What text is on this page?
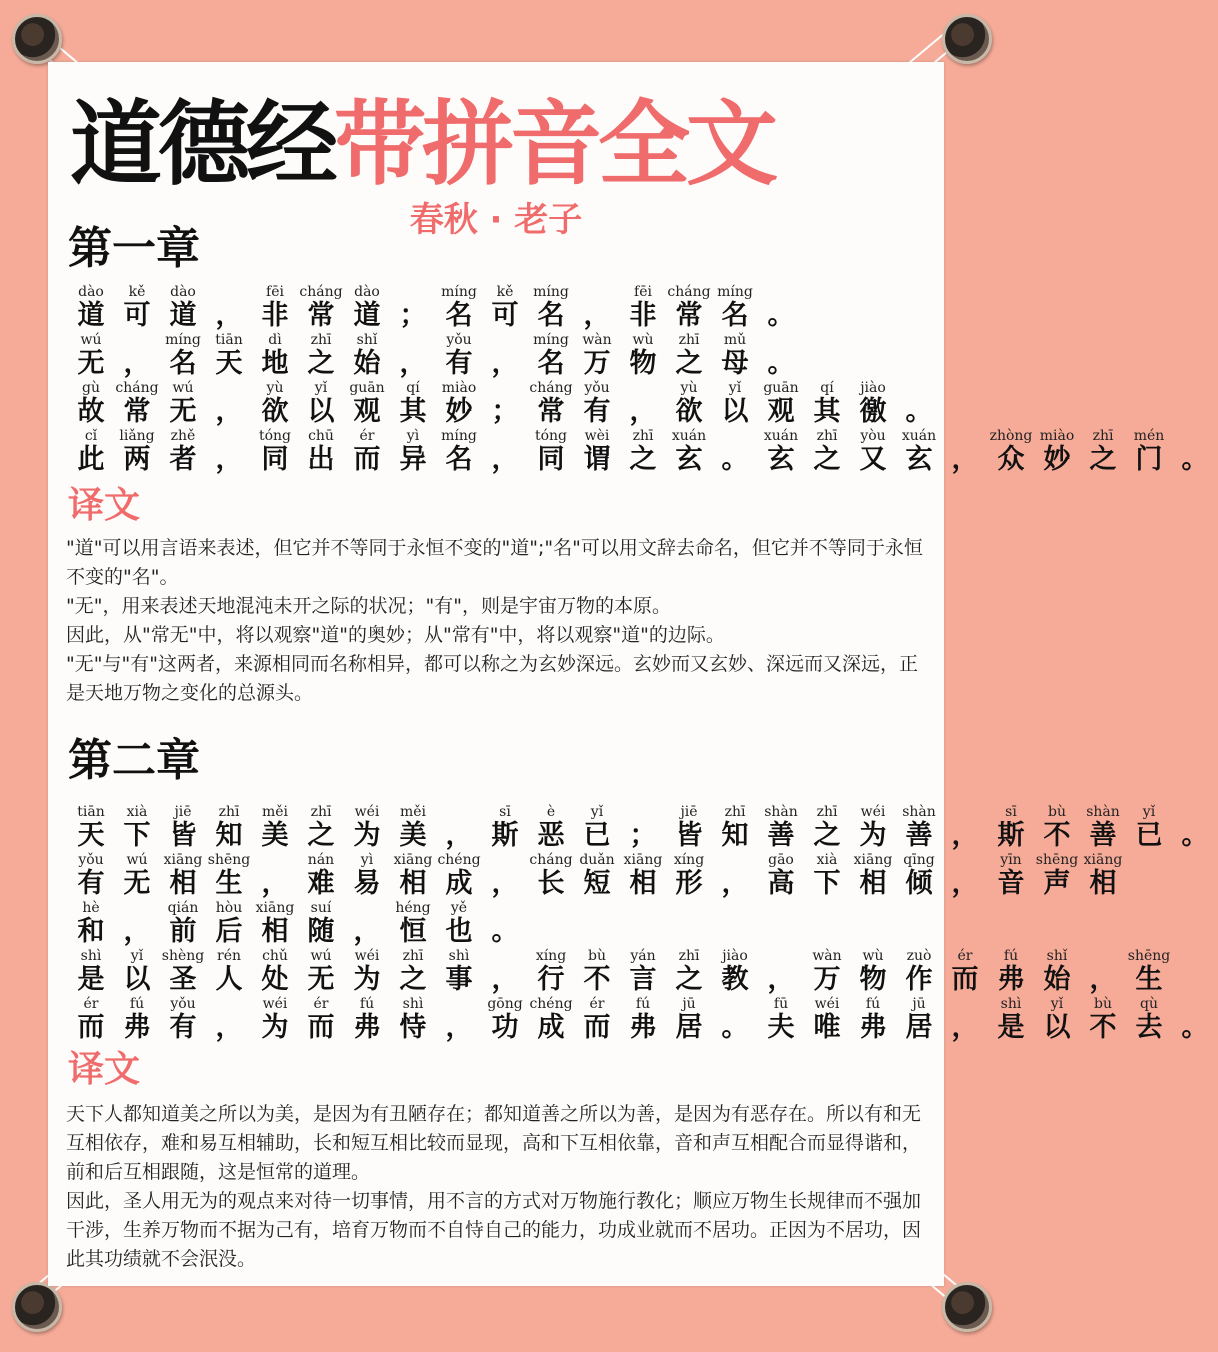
道德经带拼音全文
春秋 · 老子
第一章
dào
道
kě
可
dào
道 ，
fēi
非
cháng
常
dào
道 ；
míng
名
kě
可
míng
名 ，
fēi
非
cháng
常
míng
名 。
wú
无 ，
míng
名
tiān
天
dì
地
zhī
之
shǐ
始 ，
yǒu
有 ，
míng
名
wàn
万
wù
物
zhī
之
mǔ
母 。
gù
故
cháng
常
wú
无 ，
yù
欲
yǐ
以
guān
观
qí
其
miào
妙 ；
cháng
常
yǒu
有 ，
yù
欲
yǐ
以
guān
观
qí
其
jiào
徼 。
cǐ
此
liǎng
两
zhě
者 ，
tóng
同
chū
出
ér
而
yì
异
míng
名 ，
tóng
同
wèi
谓
zhī
之
xuán
玄 。
xuán
玄
zhī
之
yòu
又
xuán
玄 ，
zhòng
众
miào
妙
zhī
之
mén
门 。
译文

"道"可以用言语来表述，但它并不等同于永恒不变的"道";"名"可以用文辞去命名，但它并不等同于永恒不变的"名"。

"无"，用来表述天地混沌未开之际的状况；"有"，则是宇宙万物的本原。

因此，从"常无"中，将以观察"道"的奥妙；从"常有"中，将以观察"道"的边际。

"无"与"有"这两者，来源相同而名称相异，都可以称之为玄妙深远。玄妙而又玄妙、深远而又深远，正是天地万物之变化的总源头。

第二章
tiān
天
xià
下
jiē
皆
zhī
知
měi
美
zhī
之
wéi
为
měi
美 ，
sī
斯
è
恶
yǐ
已 ；
jiē
皆
zhī
知
shàn
善
zhī
之
wéi
为
shàn
善 ，
sī
斯
bù
不
shàn
善
yǐ
已 。
yǒu
有
wú
无
xiāng
相
shēng
生 ，
nán
难
yì
易
xiāng
相
chéng
成 ，
cháng
长
duǎn
短
xiāng
相
xíng
形 ，
gāo
高
xià
下
xiāng
相
qīng
倾 ，
yīn
音
shēng
声
xiāng
相
hè
和 ，
qián
前
hòu
后
xiāng
相
suí
随 ，
héng
恒
yě
也 。
shì
是
yǐ
以
shèng
圣
rén
人
chǔ
处
wú
无
wéi
为
zhī
之
shì
事 ，
xíng
行
bù
不
yán
言
zhī
之
jiào
教 ，
wàn
万
wù
物
zuò
作
ér
而
fú
弗
shǐ
始 ，
shēng
生
ér
而
fú
弗
yǒu
有 ，
wéi
为
ér
而
fú
弗
shì
恃 ，
gōng
功
chéng
成
ér
而
fú
弗
jū
居 。
fū
夫
wéi
唯
fú
弗
jū
居 ，
shì
是
yǐ
以
bù
不
qù
去 。
译文

天下人都知道美之所以为美，是因为有丑陋存在；都知道善之所以为善，是因为有恶存在。所以有和无互相依存，难和易互相辅助，长和短互相比较而显现，高和下互相依靠，音和声互相配合而显得谐和，前和后互相跟随，这是恒常的道理。

因此，圣人用无为的观点来对待一切事情，用不言的方式对万物施行教化；顺应万物生长规律而不强加干涉，生养万物而不据为己有，培育万物而不自恃自己的能力，功成业就而不居功。正因为不居功，因此其功绩就不会泯没。
